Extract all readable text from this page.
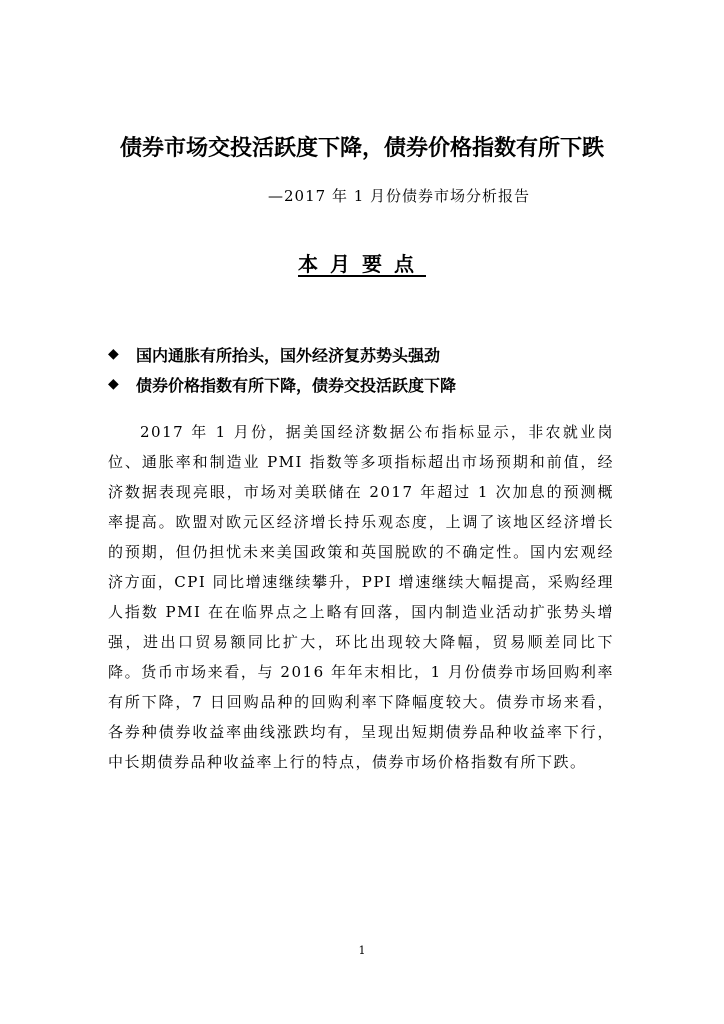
债券市场交投活跃度下降，债券价格指数有所下跌
—2017 年 1 月份债券市场分析报告
本月要点
◆	国内通胀有所抬头，国外经济复苏势头强劲
◆	债券价格指数有所下降，债券交投活跃度下降

2017 年 1 月份，据美国经济数据公布指标显示，非农就业岗位、通胀率和制造业 PMI 指数等多项指标超出市场预期和前值，经济数据表现亮眼，市场对美联储在 2017 年超过 1 次加息的预测概率提高。欧盟对欧元区经济增长持乐观态度，上调了该地区经济增长的预期，但仍担忧未来美国政策和英国脱欧的不确定性。国内宏观经济方面，CPI 同比增速继续攀升，PPI 增速继续大幅提高，采购经理人指数 PMI 在在临界点之上略有回落，国内制造业活动扩张势头增强，进出口贸易额同比扩大，环比出现较大降幅，贸易顺差同比下降。货币市场来看，与 2016 年年末相比，1 月份债券市场回购利率有所下降，7 日回购品种的回购利率下降幅度较大。债券市场来看，各券种债券收益率曲线涨跌均有，呈现出短期债券品种收益率下行，中长期债券品种收益率上行的特点，债券市场价格指数有所下跌。

1
